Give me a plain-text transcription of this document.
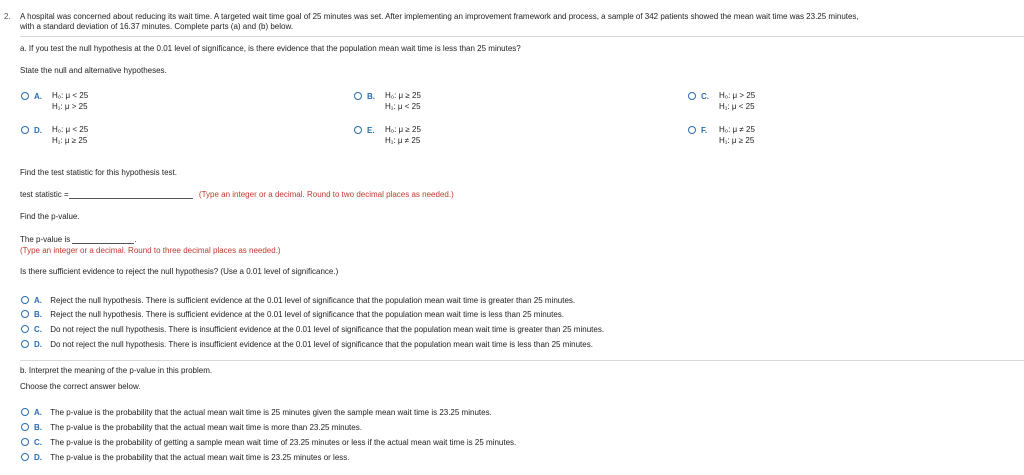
2. A hospital was concerned about reducing its wait time. A targeted wait time goal of 25 minutes was set. After implementing an improvement framework and process, a sample of 342 patients showed the mean wait time was 23.25 minutes,
with a standard deviation of 16.37 minutes. Complete parts (a) and (b) below.
a. If you test the null hypothesis at the 0.01 level of significance, is there evidence that the population mean wait time is less than 25 minutes?
State the null and alternative hypotheses.
A. H₀: μ < 25
H₁: μ > 25
B. H₀: μ ≥ 25
H₁: μ < 25
C. H₀: μ > 25
H₁: μ < 25
D. H₀: μ < 25
H₁: μ ≥ 25
E. H₀: μ ≥ 25
H₁: μ ≠ 25
F. H₀: μ ≠ 25
H₁: μ ≥ 25
Find the test statistic for this hypothesis test.
test statistic =	(Type an integer or a decimal. Round to two decimal places as needed.)
Find the p-value.
The p-value is	.
(Type an integer or a decimal. Round to three decimal places as needed.)
Is there sufficient evidence to reject the null hypothesis? (Use a 0.01 level of significance.)
A. Reject the null hypothesis. There is sufficient evidence at the 0.01 level of significance that the population mean wait time is greater than 25 minutes.
B. Reject the null hypothesis. There is sufficient evidence at the 0.01 level of significance that the population mean wait time is less than 25 minutes.
C. Do not reject the null hypothesis. There is insufficient evidence at the 0.01 level of significance that the population mean wait time is greater than 25 minutes.
D. Do not reject the null hypothesis. There is insufficient evidence at the 0.01 level of significance that the population mean wait time is less than 25 minutes.
b. Interpret the meaning of the p-value in this problem.
Choose the correct answer below.
A. The p-value is the probability that the actual mean wait time is 25 minutes given the sample mean wait time is 23.25 minutes.
B. The p-value is the probability that the actual mean wait time is more than 23.25 minutes.
C. The p-value is the probability of getting a sample mean wait time of 23.25 minutes or less if the actual mean wait time is 25 minutes.
D. The p-value is the probability that the actual mean wait time is 23.25 minutes or less.
